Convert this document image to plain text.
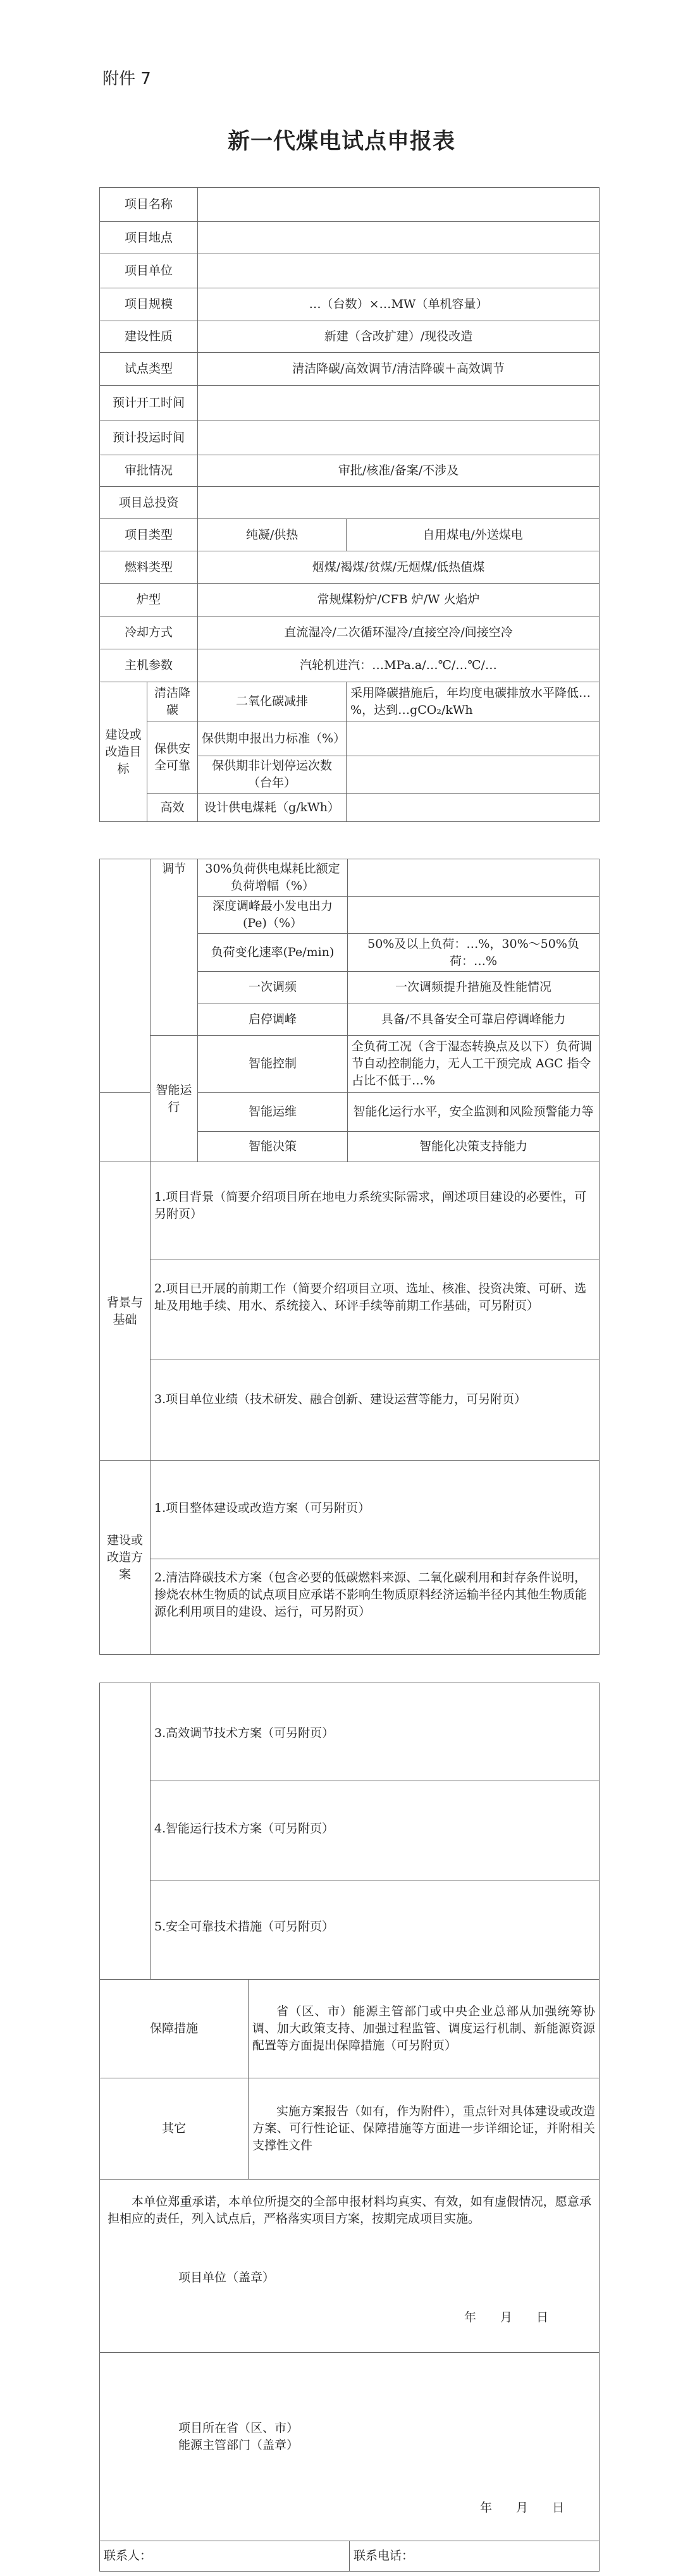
附件 7
新一代煤电试点申报表
项目名称			
项目地点			
项目单位			
项目规模		…（台数）×…MW（单机容量）	
建设性质		新建（含改扩建）/现役改造	
试点类型		清洁降碳/高效调节/清洁降碳＋高效调节	
预计开工时间			
预计投运时间			
审批情况		审批/核准/备案/不涉及	
项目总投资			
项目类型		纯凝/供热	自用煤电/外送煤电
燃料类型		烟煤/褐煤/贫煤/无烟煤/低热值煤	
炉型		常规煤粉炉/CFB 炉/W 火焰炉	
冷却方式		直流湿冷/二次循环湿冷/直接空冷/间接空冷	
主机参数		汽轮机进汽：…MPa.a/…℃/…℃/…	
建设或改造目标	清洁降碳	二氧化碳减排	采用降碳措施后，年均度电碳排放水平降低…%，达到…gCO₂/kWh
	保供安全可靠	保供期申报出力标准（%）	
		保供期非计划停运次数（台年）	
	高效	设计供电煤耗（g/kWh）	
	调节	30%负荷供电煤耗比额定负荷增幅（%）	
		深度调峰最小发电出力(Pe)（%）	
		负荷变化速率(Pe/min)	50%及以上负荷：…%，30%～50%负荷：…%
		一次调频	一次调频提升措施及性能情况
		启停调峰	具备/不具备安全可靠启停调峰能力
	智能运行	智能控制	全负荷工况（含于湿态转换点及以下）负荷调节自动控制能力，无人工干预完成 AGC 指令占比不低于…%
		智能运维	智能化运行水平，安全监测和风险预警能力等
		智能决策	智能化决策支持能力
背景与基础	1.项目背景（简要介绍项目所在地电力系统实际需求，阐述项目建设的必要性，可另附页）		

	2.项目已开展的前期工作（简要介绍项目立项、选址、核准、投资决策、可研、选址及用地手续、用水、系统接入、环评手续等前期工作基础，可另附页）		

	3.项目单位业绩（技术研发、融合创新、建设运营等能力，可另附页）		

建设或改造方案	1.项目整体建设或改造方案（可另附页）		

	2.清洁降碳技术方案（包含必要的低碳燃料来源、二氧化碳利用和封存条件说明，掺烧农林生物质的试点项目应承诺不影响生物质原料经济运输半径内其他生物质能源化利用项目的建设、运行，可另附页）		

	3.高效调节技术方案（可另附页）	

	4.智能运行技术方案（可另附页）	

	5.安全可靠技术措施（可另附页）	

保障措施		省（区、市）能源主管部门或中央企业总部从加强统筹协调、加大政策支持、加强过程监管、调度运行机制、新能源资源配置等方面提出保障措施（可另附页）

其它		实施方案报告（如有，作为附件），重点针对具体建设或改造方案、可行性论证、保障措施等方面进一步详细论证，并附相关支撑性文件

本单位郑重承诺，本单位所提交的全部申报材料均真实、有效，如有虚假情况，愿意承担相应的责任，列入试点后，严格落实项目方案，按期完成项目实施。
项目单位（盖章）
年　　月　　日		
项目所在省（区、市）
能源主管部门（盖章）
年　　月　　日

联系人：	联系电话：
